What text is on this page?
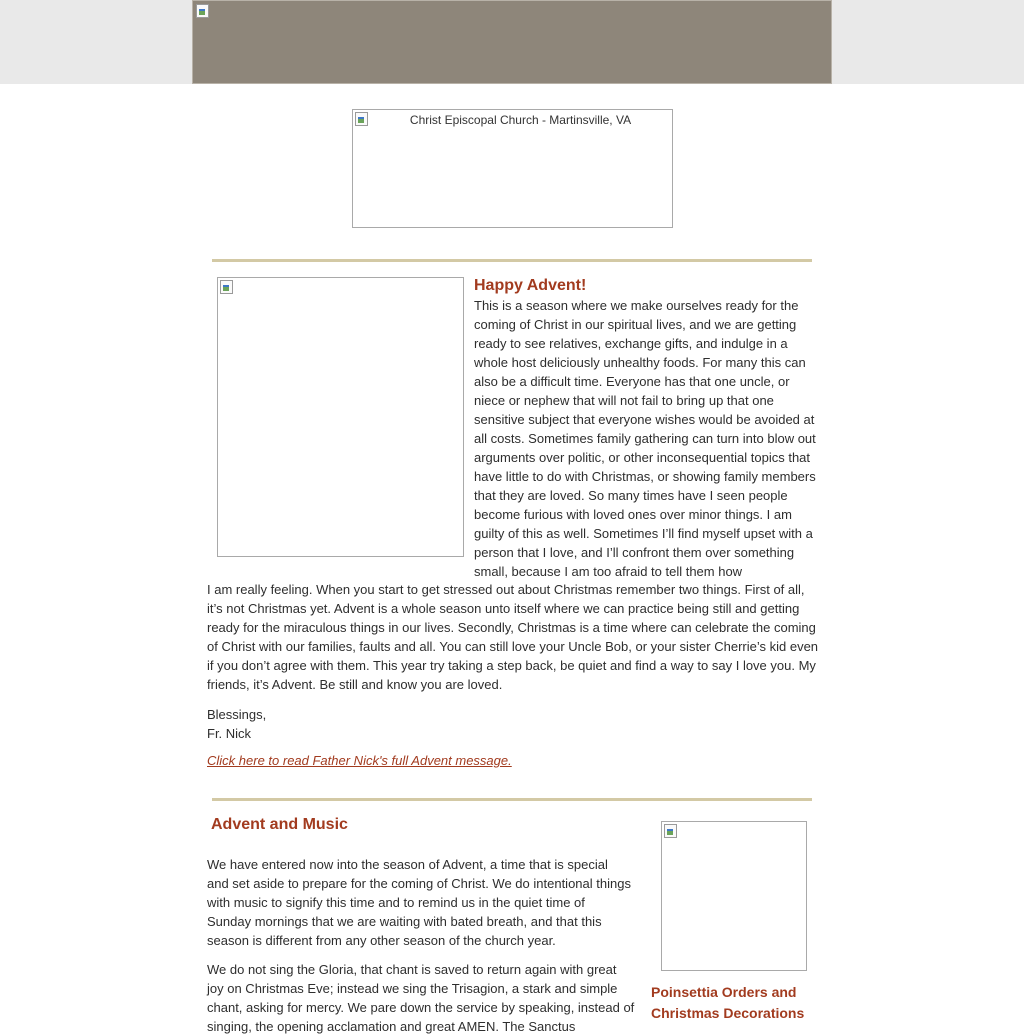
Christ Episcopal Church - Martinsville, VA
Happy Advent!

This is a season where we make ourselves ready for the coming of Christ in our spiritual lives, and we are getting ready to see relatives, exchange gifts, and indulge in a whole host deliciously unhealthy foods. For many this can also be a difficult time. Everyone has that one uncle, or niece or nephew that will not fail to bring up that one sensitive subject that everyone wishes would be avoided at all costs. Sometimes family gathering can turn into blow out arguments over politic, or other inconsequential topics that have little to do with Christmas, or showing family members that they are loved. So many times have I seen people become furious with loved ones over minor things. I am guilty of this as well. Sometimes I’ll find myself upset with a person that I love, and I’ll confront them over something small, because I am too afraid to tell them how

I am really feeling. When you start to get stressed out about Christmas remember two things. First of all, it’s not Christmas yet. Advent is a whole season unto itself where we can practice being still and getting ready for the miraculous things in our lives. Secondly, Christmas is a time where can celebrate the coming of Christ with our families, faults and all. You can still love your Uncle Bob, or your sister Cherrie’s kid even if you don’t agree with them. This year try taking a step back, be quiet and find a way to say I love you. My friends, it’s Advent. Be still and know you are loved.

Blessings,
Fr. Nick
Click here to read Father Nick's full Advent message.
Advent and Music

We have entered now into the season of Advent, a time that is special and set aside to prepare for the coming of Christ. We do intentional things with music to signify this time and to remind us in the quiet time of Sunday mornings that we are waiting with bated breath, and that this season is different from any other season of the church year.

We do not sing the Gloria, that chant is saved to return again with great joy on Christmas Eve; instead we sing the Trisagion, a stark and simple chant, asking for mercy. We pare down the service by speaking, instead of singing, the opening acclamation and great AMEN. The Sanctus

Poinsettia Orders and Christmas Decorations
